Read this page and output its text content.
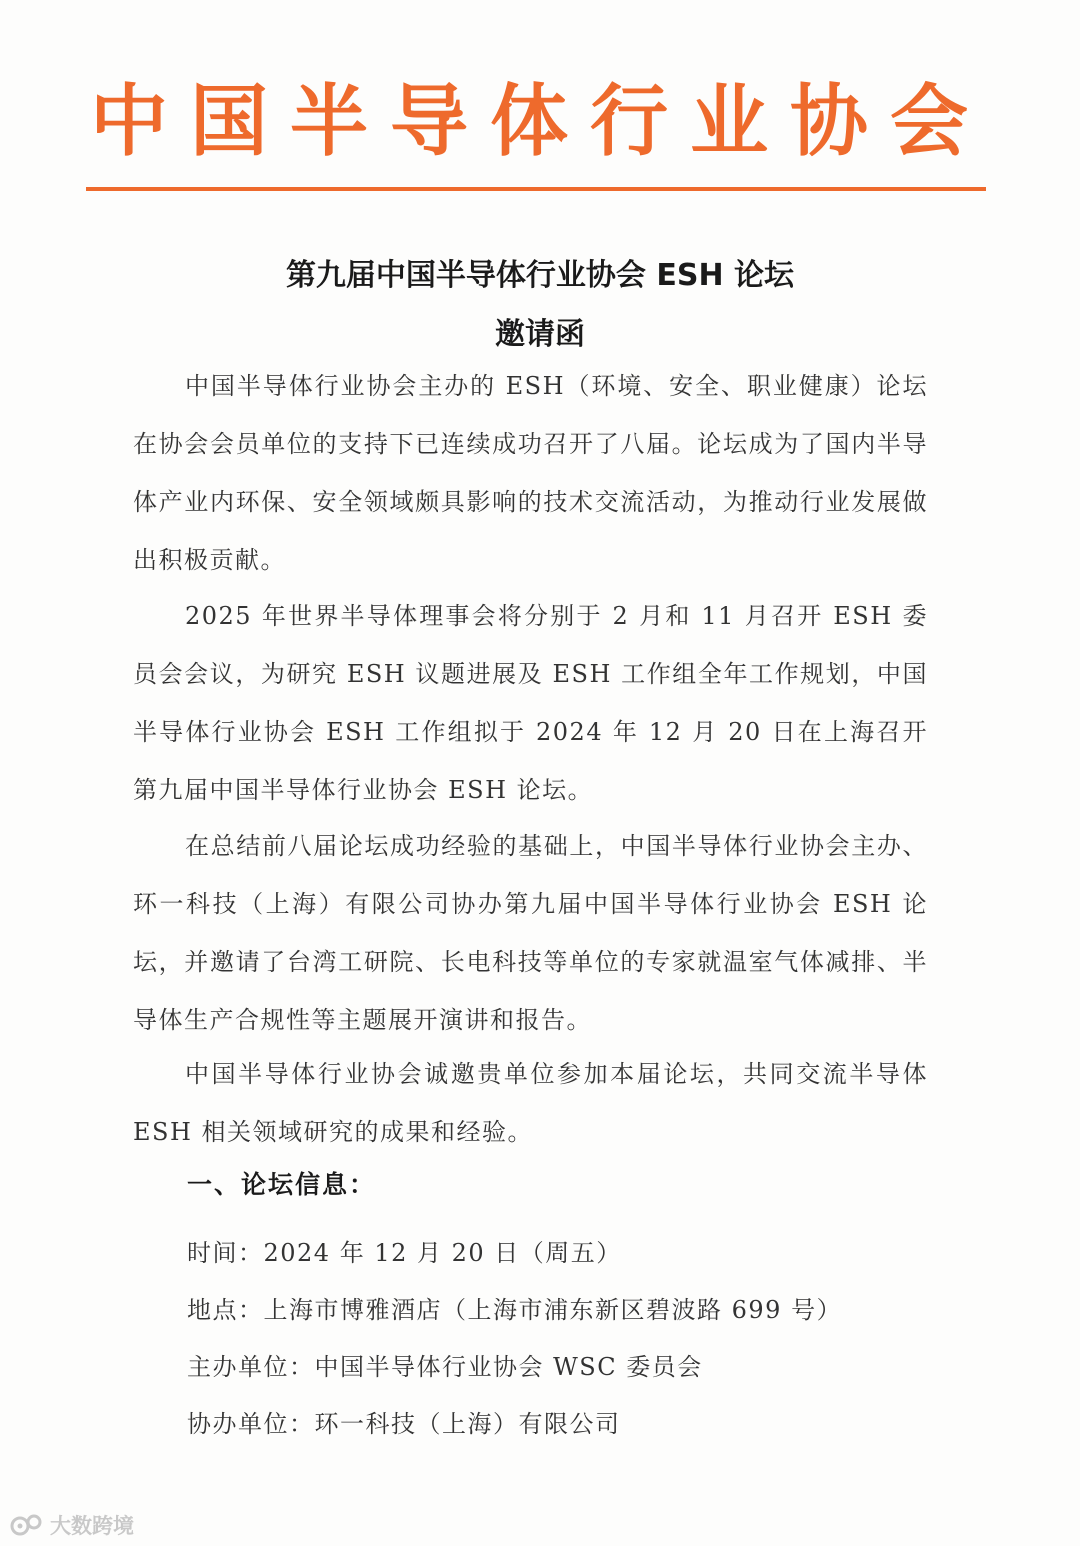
中国半导体行业协会
第九届中国半导体行业协会 ESH 论坛
邀请函

中国半导体行业协会主办的 ESH（环境、安全、职业健康）论坛在协会会员单位的支持下已连续成功召开了八届。论坛成为了国内半导体产业内环保、安全领域颇具影响的技术交流活动，为推动行业发展做出积极贡献。

2025 年世界半导体理事会将分别于 2 月和 11 月召开 ESH 委员会会议，为研究 ESH 议题进展及 ESH 工作组全年工作规划，中国半导体行业协会 ESH 工作组拟于 2024 年 12 月 20 日在上海召开第九届中国半导体行业协会 ESH 论坛。

在总结前八届论坛成功经验的基础上，中国半导体行业协会主办、环一科技（上海）有限公司协办第九届中国半导体行业协会 ESH 论坛，并邀请了台湾工研院、长电科技等单位的专家就温室气体减排、半导体生产合规性等主题展开演讲和报告。

中国半导体行业协会诚邀贵单位参加本届论坛，共同交流半导体 ESH 相关领域研究的成果和经验。

一、论坛信息：
时间：2024 年 12 月 20 日（周五）
地点：上海市博雅酒店（上海市浦东新区碧波路 699 号）
主办单位：中国半导体行业协会 WSC 委员会
协办单位：环一科技（上海）有限公司
大数跨境
